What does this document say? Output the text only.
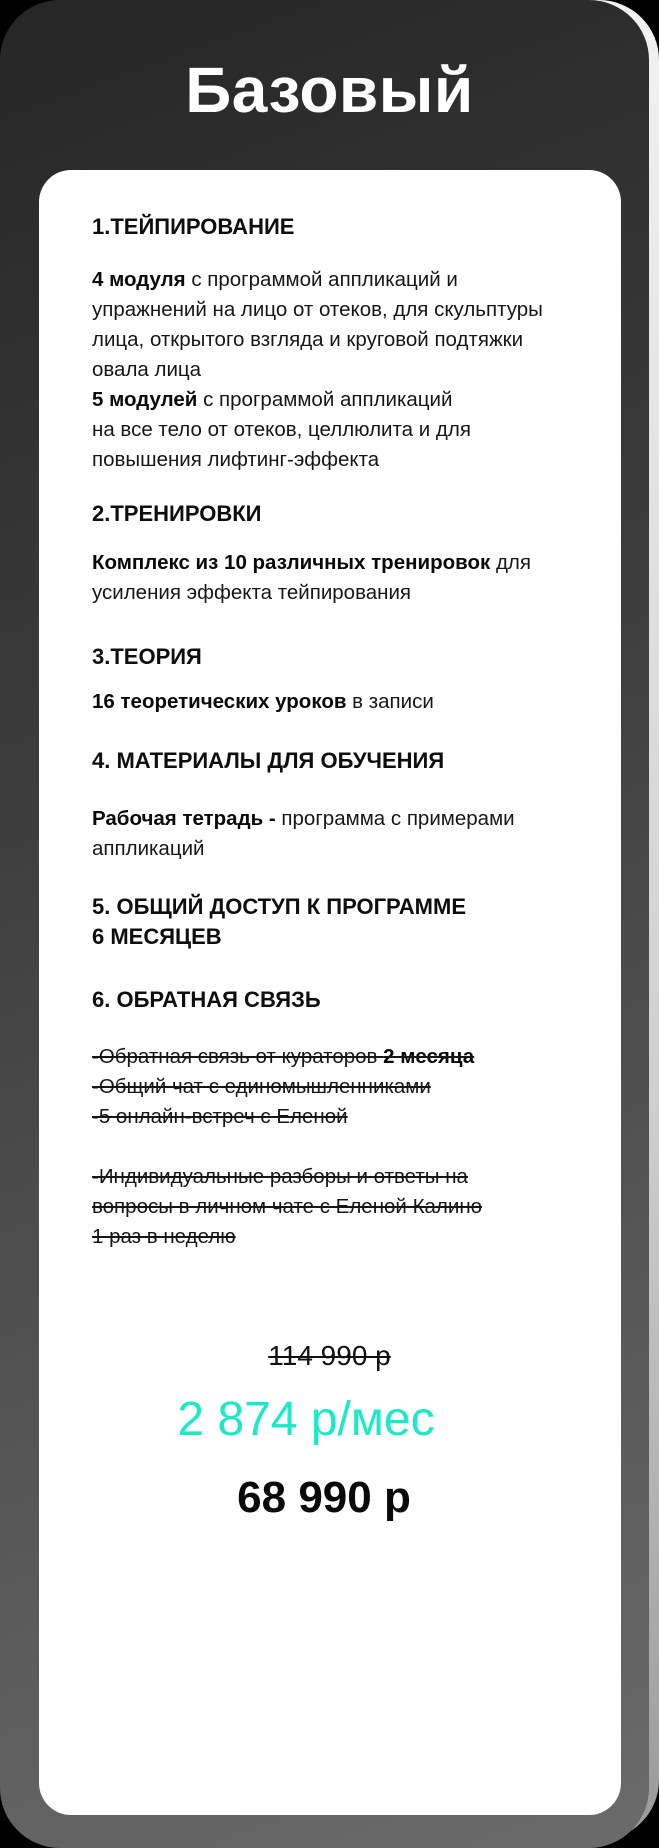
Базовый
1.ТЕЙПИРОВАНИЕ
4 модуля с программой аппликаций и
упражнений на лицо от отеков, для скульптуры
лица, открытого взгляда и круговой подтяжки
овала лица
5 модулей с программой аппликаций
на все тело от отеков, целлюлита и для
повышения лифтинг-эффекта
2.ТРЕНИРОВКИ
Комплекс из 10 различных тренировок для
усиления эффекта тейпирования
3.ТЕОРИЯ
16 теоретических уроков в записи
4. МАТЕРИАЛЫ ДЛЯ ОБУЧЕНИЯ
Рабочая тетрадь - программа с примерами
аппликаций
5. ОБЩИЙ ДОСТУП К ПРОГРАММЕ
6 МЕСЯЦЕВ
6. ОБРАТНАЯ СВЯЗЬ
-Обратная связь от кураторов 2 месяца
-Общий чат с единомышленниками
-5 онлайн-встреч с Еленой
-Индивидуальные разборы и ответы на
вопросы в личном чате с Еленой Калино
1 раз в неделю
114 990 р
2 874 р/мес
68 990 р
